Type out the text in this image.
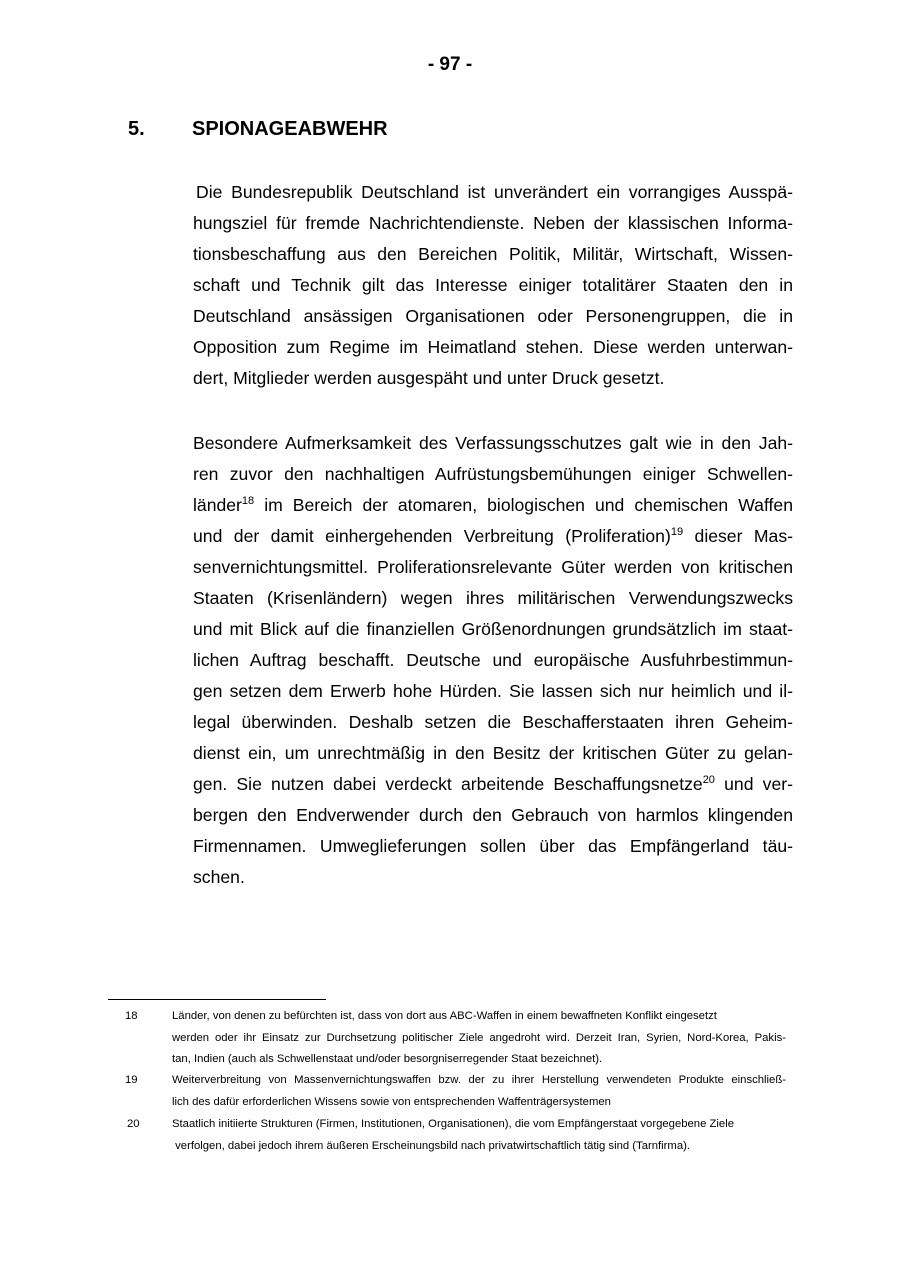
- 97 -
5. SPIONAGEABWEHR
Die Bundesrepublik Deutschland ist unverändert ein vorrangiges Ausspä-
hungsziel für fremde Nachrichtendienste. Neben der klassischen Informa-
tionsbeschaffung aus den Bereichen Politik, Militär, Wirtschaft, Wissen-
schaft und Technik gilt das Interesse einiger totalitärer Staaten den in
Deutschland ansässigen Organisationen oder Personengruppen, die in
Opposition zum Regime im Heimatland stehen. Diese werden unterwan-
dert, Mitglieder werden ausgespäht und unter Druck gesetzt.
Besondere Aufmerksamkeit des Verfassungsschutzes galt wie in den Jah-
ren zuvor den nachhaltigen Aufrüstungsbemühungen einiger Schwellen-
länder$^{18}$ im Bereich der atomaren, biologischen und chemischen Waffen
und der damit einhergehenden Verbreitung (Proliferation)$^{19}$ dieser Mas-
senvernichtungsmittel. Proliferationsrelevante Güter werden von kritischen
Staaten (Krisenländern) wegen ihres militärischen Verwendungszwecks
und mit Blick auf die finanziellen Größenordnungen grundsätzlich im staat-
lichen Auftrag beschafft. Deutsche und europäische Ausfuhrbestimmun-
gen setzen dem Erwerb hohe Hürden. Sie lassen sich nur heimlich und il-
legal überwinden. Deshalb setzen die Beschafferstaaten ihren Geheim-
dienst ein, um unrechtmäßig in den Besitz der kritischen Güter zu gelan-
gen. Sie nutzen dabei verdeckt arbeitende Beschaffungsnetze$^{20}$ und ver-
bergen den Endverwender durch den Gebrauch von harmlos klingenden
Firmennamen. Umweglieferungen sollen über das Empfängerland täu-
schen.
18	Länder, von denen zu befürchten ist, dass von dort aus ABC-Waffen in einem bewaffneten Konflikt eingesetzt
werden oder ihr Einsatz zur Durchsetzung politischer Ziele angedroht wird. Derzeit Iran, Syrien, Nord-Korea, Pakis-
tan, Indien (auch als Schwellenstaat und/oder besorgniserregender Staat bezeichnet).
19	Weiterverbreitung von Massenvernichtungswaffen bzw. der zu ihrer Herstellung verwendeten Produkte einschließ-
lich des dafür erforderlichen Wissens sowie von entsprechenden Waffenträgersystemen
20	Staatlich initiierte Strukturen (Firmen, Institutionen, Organisationen), die vom Empfängerstaat vorgegebene Ziele
verfolgen, dabei jedoch ihrem äußeren Erscheinungsbild nach privatwirtschaftlich tätig sind (Tarnfirma).
